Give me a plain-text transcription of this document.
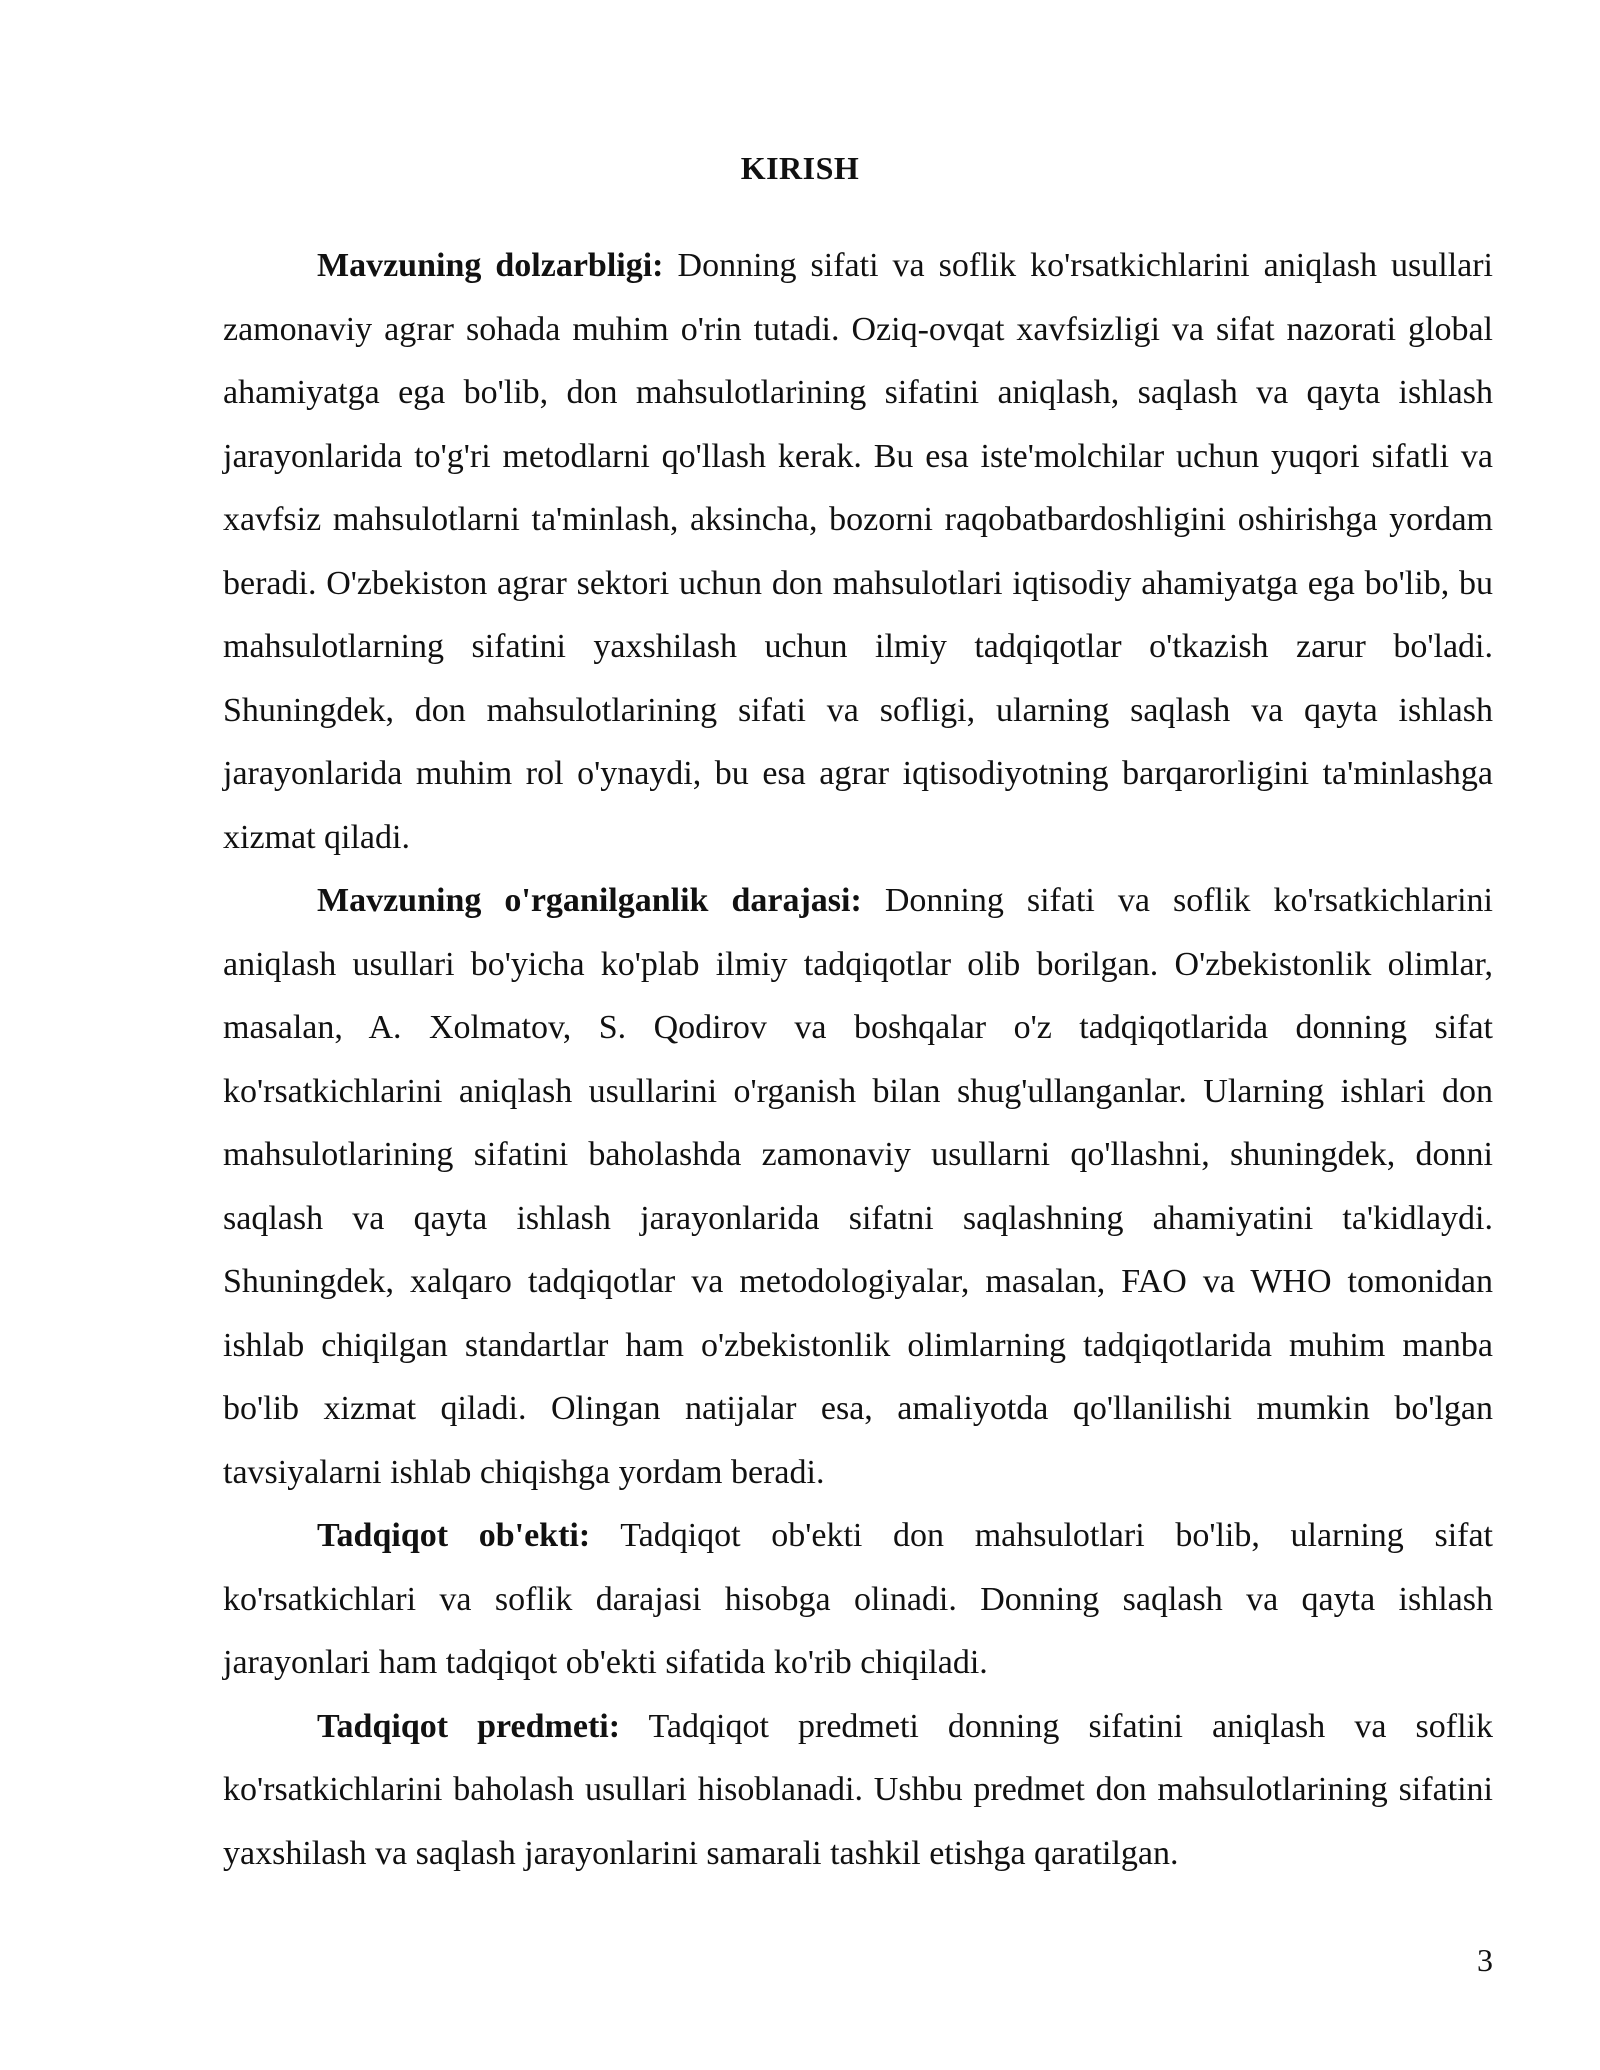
KIRISH

Mavzuning dolzarbligi: Donning sifati va soflik ko'rsatkichlarini aniqlash usullari zamonaviy agrar sohada muhim o'rin tutadi. Oziq-ovqat xavfsizligi va sifat nazorati global ahamiyatga ega bo'lib, don mahsulotlarining sifatini aniqlash, saqlash va qayta ishlash jarayonlarida to'g'ri metodlarni qo'llash kerak. Bu esa iste'molchilar uchun yuqori sifatli va xavfsiz mahsulotlarni ta'minlash, aksincha, bozorni raqobatbardoshligini oshirishga yordam beradi. O'zbekiston agrar sektori uchun don mahsulotlari iqtisodiy ahamiyatga ega bo'lib, bu mahsulotlarning sifatini yaxshilash uchun ilmiy tadqiqotlar o'tkazish zarur bo'ladi. Shuningdek, don mahsulotlarining sifati va sofligi, ularning saqlash va qayta ishlash jarayonlarida muhim rol o'ynaydi, bu esa agrar iqtisodiyotning barqarorligini ta'minlashga xizmat qiladi.

Mavzuning o'rganilganlik darajasi: Donning sifati va soflik ko'rsatkichlarini aniqlash usullari bo'yicha ko'plab ilmiy tadqiqotlar olib borilgan. O'zbekistonlik olimlar, masalan, A. Xolmatov, S. Qodirov va boshqalar o'z tadqiqotlarida donning sifat ko'rsatkichlarini aniqlash usullarini o'rganish bilan shug'ullanganlar. Ularning ishlari don mahsulotlarining sifatini baholashda zamonaviy usullarni qo'llashni, shuningdek, donni saqlash va qayta ishlash jarayonlarida sifatni saqlashning ahamiyatini ta'kidlaydi. Shuningdek, xalqaro tadqiqotlar va metodologiyalar, masalan, FAO va WHO tomonidan ishlab chiqilgan standartlar ham o'zbekistonlik olimlarning tadqiqotlarida muhim manba bo'lib xizmat qiladi. Olingan natijalar esa, amaliyotda qo'llanilishi mumkin bo'lgan tavsiyalarni ishlab chiqishga yordam beradi.

Tadqiqot ob'ekti: Tadqiqot ob'ekti don mahsulotlari bo'lib, ularning sifat ko'rsatkichlari va soflik darajasi hisobga olinadi. Donning saqlash va qayta ishlash jarayonlari ham tadqiqot ob'ekti sifatida ko'rib chiqiladi.

Tadqiqot predmeti: Tadqiqot predmeti donning sifatini aniqlash va soflik ko'rsatkichlarini baholash usullari hisoblanadi. Ushbu predmet don mahsulotlarining sifatini yaxshilash va saqlash jarayonlarini samarali tashkil etishga qaratilgan.

3
